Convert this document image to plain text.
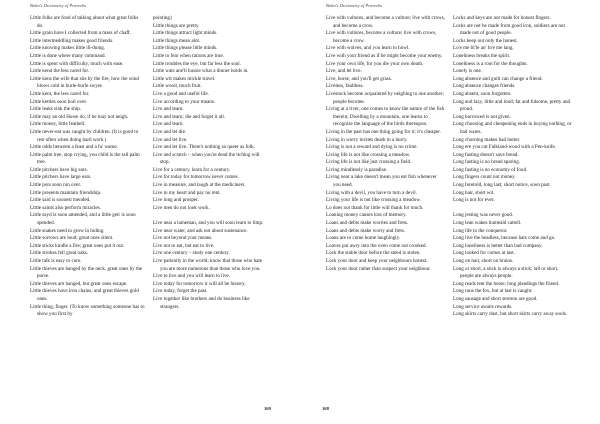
Bohn's Dictionary of Proverbs

Little folks are fond of talking about what great folks do.

Little grain have I collected from a mass of chaff.

Little intermeddling makes good friends.

Little knowing makes little ill-doing.

Little is done where many command.

Little is spent with difficulty, much with ease.

Little kend the less cared for.

Little kens the wife that sits by the fire, how the wind blows cold in hurle-burle swyre.

Little kent, the less cared for.

Little kettles soon boil over.

Little leaks sink the ship.

Little may an old Horse do, if he may not neigh.

Little money, little feathell.

Little never-eat was caught by children. (It is good to rest often when doing hard work.)

Little odds between a feast and a fu' wame.

Little palm tree, stop crying, you child is the tall palm tree.

Little pitchers have big ears.

Little pitchers have large ears.

Little pots soon run over.

Little presents maintain friendship.

Little said is soonest mended.

Little saints also perform miracles.

Little sayd is soon amended, and a little geir is soon spended.

Little snakes need to grow in hiding.

Little sorrows are loud; great ones silent.

Little sticks kindle a fire; great ones put it out.

Little strokes fell great oaks.

Little talk is easy to cure.

Little thieves are hanged by the neck, great ones by the purse.

Little thieves are hanged, but great ones escape.

Little thieves have iron chains, and great thieves gold ones.

Little thing, finger. (To know something someone has to show you first by

pointing)

Little things are pretty.

Little things attract light minds.

Little things mean alot.

Little things please little minds.

Little to fear when rations are true.

Little troubles the eye, but far less the soul.

Little wats ane'll hussie what a dinner holds in.

Little wit makes mickle travel.

Little wood, much fruit.

Live a good and useful life.

Live according to your means.

Live and learn.

Live and learn; die and forget it all.

Live and learn.

Live and let die.

Live and let live.

Live and let live. There's nothing so queer as folk.

Live and scratch – when you're dead the itching will stop.

Live for a century, learn for a century.

Live for today for tomorrow never comes.

Live in measure, and laugh at the mediciners.

Live in my heart and pay no rent.

Live long and prosper.

Live men do not look work.

Live near a lameman, and you will soon learn to limp.

Live near water, and ask not about sustenance.

Live not beyond your means.

Live not to eat, but eat to live.

Live one century – study one century.

Live patiently in the world; know that those who hate you are more numerous than those who love you.

Live to live and you will learn to live.

Live today for tomorrow it will all be history.

Live today, forget the past.

Live together like brothers and do business like strangers.

169
Bohn's Dictionary of Proverbs

Live with vultures, and become a vulture; live with crows, and become a crow.

Live with vultures, become a vulture; live with crows, become a crow.

Live with wolves, and you learn to howl.

Live with your friend as if he might become your enemy.

Live your own life, for you die your own death.

Live, and let live.

Live, horse, and you'll get grass.

Liveless, faultless.

Livestock become acquainted by neighing to one another; people become.

Living at a river, one comes to know the nature of the fish therein; Dwelling by a mountain, one learns to recognize the language of the birds thereupon.

Living in the past has one thing going for it; it's cheaper.

Living in worry invites death in a hurry.

Living is not a reward and dying is no crime.

Living life is not like crossing a meadow.

Living life is not like just crossing a field.

Living mindlessly is paradise.

Living near a lake doesn't mean you eat fish whenever you need.

Living with a devil, you have to turn a devil.

Living your life is not like crossing a meadow.

Lo does not thank for little will thank for much.

Loaning money causes loss of memory.

Loans and debts make worries and frets.

Loans and debts make worry and frets.

Loans are to come home laughingly.

Loaves put awry into the oven come out crooked.

Lock the stable door before the steed is stolen.

Lock your door and keep your neighbours honest.

Lock your door rather than suspect your neighbour.

Locks and keys are not made for honest fingers.

Locks are not be made from good iron, soldiers are not made out of good people.

Locks keep out only the honest.

Lo'e me lit'le an' lo'e me lang.

Loneliness breaks the spirit.

Loneliness is a root for the thoughts.

Lonely is one.

Long absence and guilt can change a friend.

Long absence changes friends.

Long absent, soon forgotten.

Long and lazy, little and loud; fat and fulsome, pretty and proud.

Long borrowed is not given.

Long choosing and cheapening ends in buying nothing, or bad wares.

Long churning makes bad butter.

Long ere you cut Falkland-wood with a Pen-knife.

Long fasting doesn't save bread.

Long fasting is no bread sparing.

Long fasting is no economy of food.

Long fingers count not money.

Long foretold, long last; short notice, soon past.

Long hair, short wit.

Long is not for ever.

Long jesting was never good.

Long lean wakes humeald cattell.

Long life to the conqueror.

Long live the headless, because hats come and go.

Long loneliness is better than bad company.

Long looked for comes at last.

Long on hair, short on brains.

Long or short, a stick is always a stick; tall or short, people are always people.

Long reads tent the horse; long pleadings the friend.

Long runs the fox, but at last is caught.

Long sausage and short sermon are good.

Long service awaits rewards.

Long skirts carry dust, but short skirts carry away souls.

168
